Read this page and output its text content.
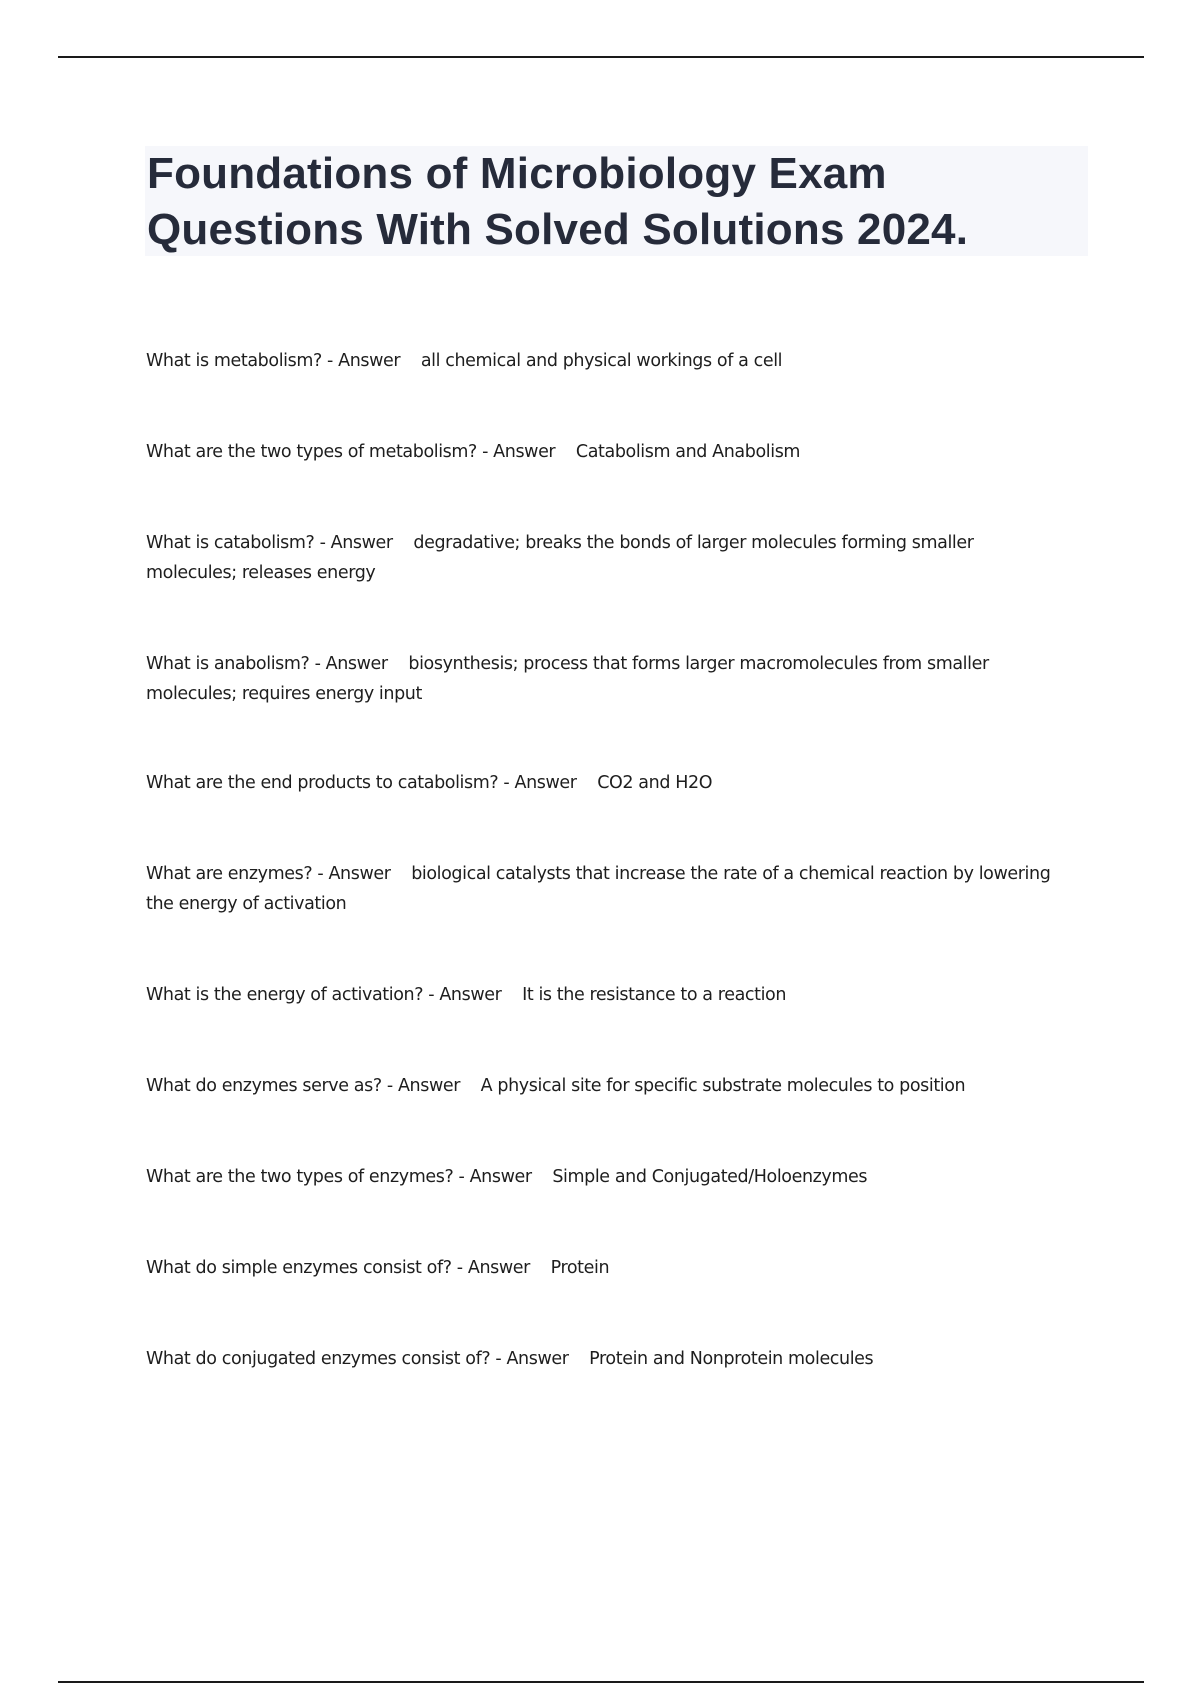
Foundations of Microbiology Exam Questions With Solved Solutions 2024.
What is metabolism? - Answer    all chemical and physical workings of a cell
What are the two types of metabolism? - Answer    Catabolism and Anabolism
What is catabolism? - Answer    degradative; breaks the bonds of larger molecules forming smaller molecules; releases energy
What is anabolism? - Answer    biosynthesis; process that forms larger macromolecules from smaller molecules; requires energy input
What are the end products to catabolism? - Answer    CO2 and H2O
What are enzymes? - Answer    biological catalysts that increase the rate of a chemical reaction by lowering the energy of activation
What is the energy of activation? - Answer    It is the resistance to a reaction
What do enzymes serve as? - Answer    A physical site for specific substrate molecules to position
What are the two types of enzymes? - Answer    Simple and Conjugated/Holoenzymes
What do simple enzymes consist of? - Answer    Protein
What do conjugated enzymes consist of? - Answer    Protein and Nonprotein molecules
